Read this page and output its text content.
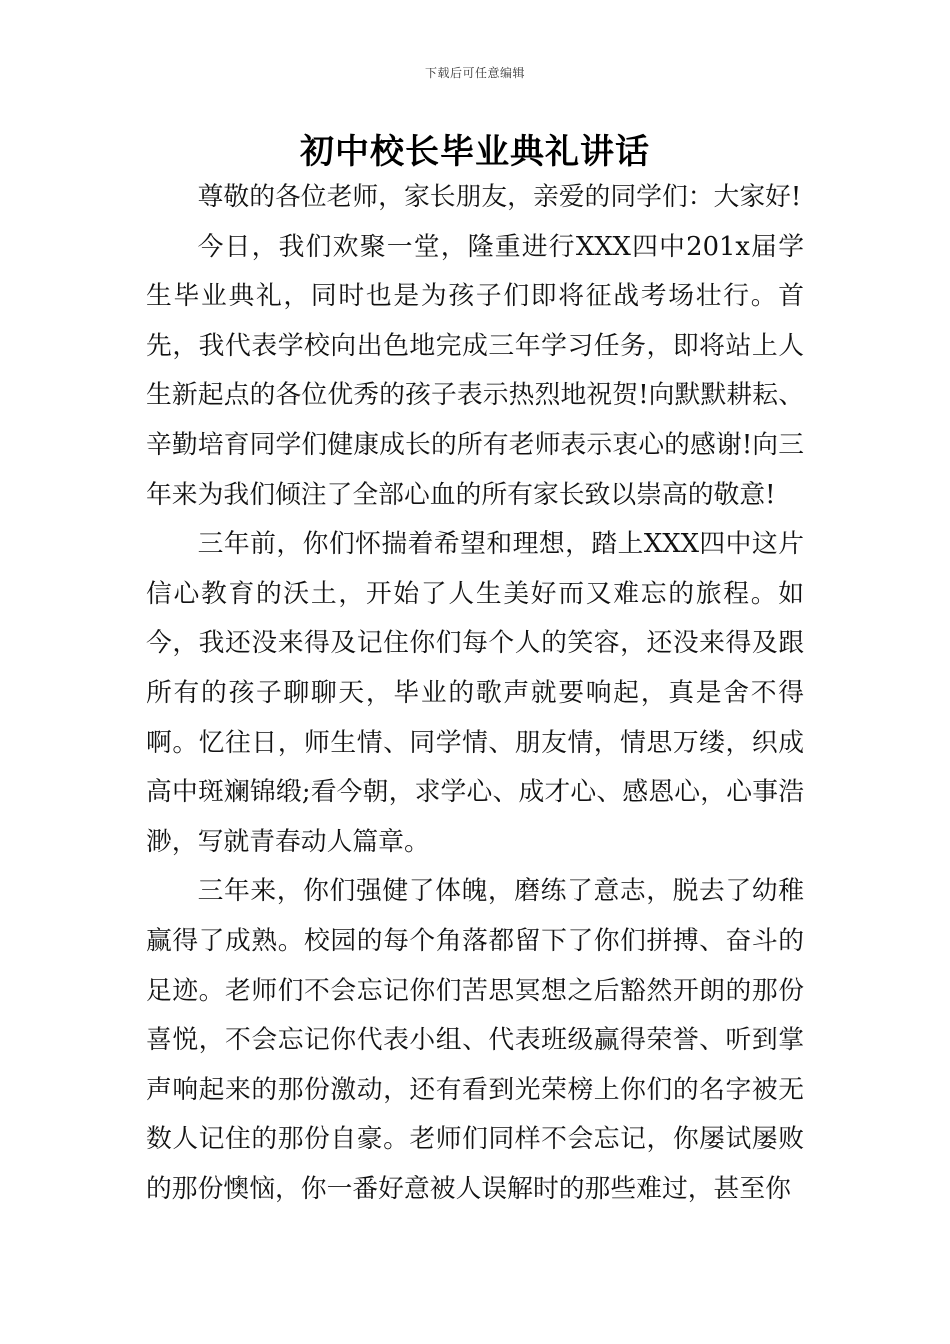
下载后可任意编辑
初中校长毕业典礼讲话

尊敬的各位老师，家长朋友，亲爱的同学们：大家好!

今日，我们欢聚一堂，隆重进行XXX四中201x届学生毕业典礼，同时也是为孩子们即将征战考场壮行。首先，我代表学校向出色地完成三年学习任务，即将站上人生新起点的各位优秀的孩子表示热烈地祝贺!向默默耕耘、辛勤培育同学们健康成长的所有老师表示衷心的感谢!向三年来为我们倾注了全部心血的所有家长致以崇高的敬意!

三年前，你们怀揣着希望和理想，踏上XXX四中这片信心教育的沃土，开始了人生美好而又难忘的旅程。如今，我还没来得及记住你们每个人的笑容，还没来得及跟所有的孩子聊聊天，毕业的歌声就要响起，真是舍不得啊。忆往日，师生情、同学情、朋友情，情思万缕，织成高中斑斓锦缎;看今朝，求学心、成才心、感恩心，心事浩渺，写就青春动人篇章。

三年来，你们强健了体魄，磨练了意志，脱去了幼稚赢得了成熟。校园的每个角落都留下了你们拼搏、奋斗的足迹。老师们不会忘记你们苦思冥想之后豁然开朗的那份喜悦，不会忘记你代表小组、代表班级赢得荣誉、听到掌声响起来的那份激动，还有看到光荣榜上你们的名字被无数人记住的那份自豪。老师们同样不会忘记，你屡试屡败的那份懊恼，你一番好意被人误解时的那些难过，甚至你
